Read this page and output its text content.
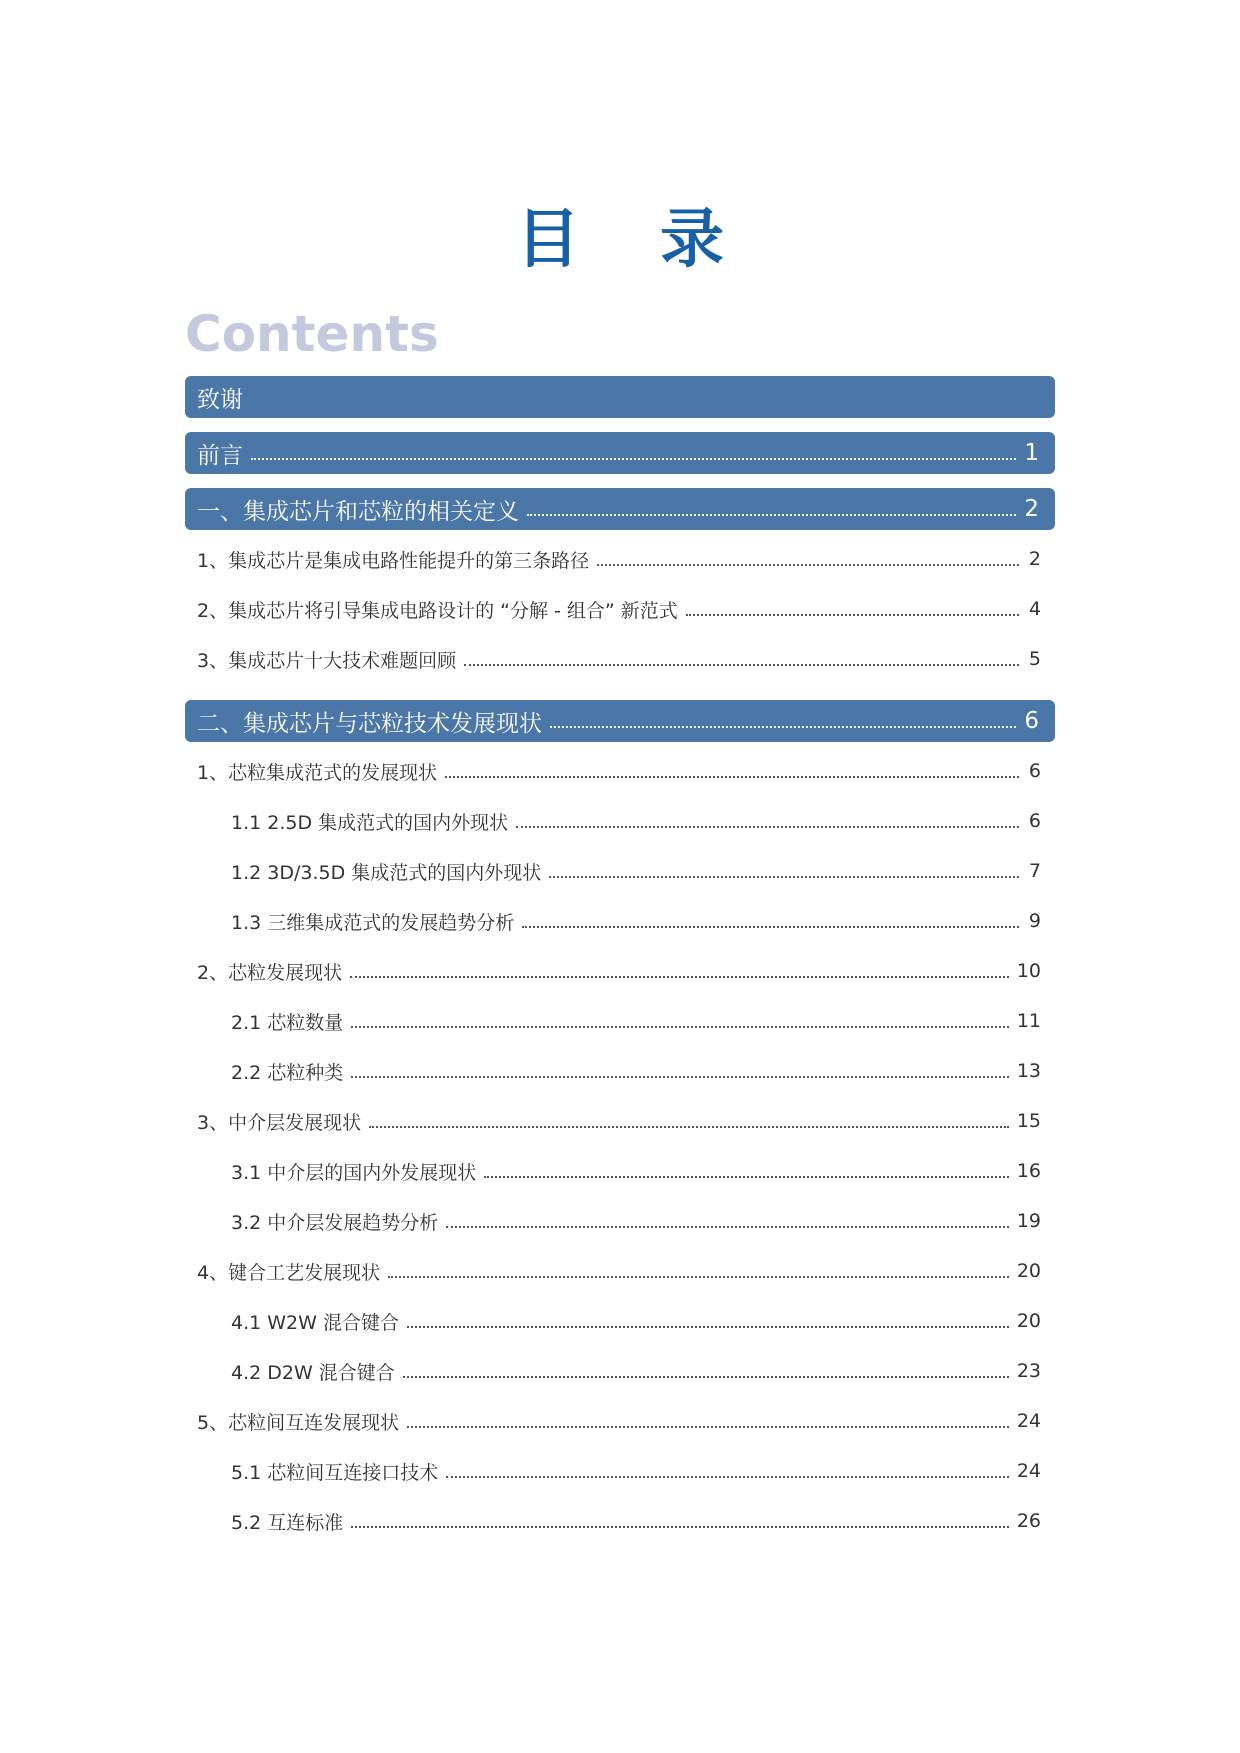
目 录
Contents
致谢
前言	1
一、集成芯片和芯粒的相关定义	2
1、集成芯片是集成电路性能提升的第三条路径	2
2、集成芯片将引导集成电路设计的 “分解 - 组合” 新范式	4
3、集成芯片十大技术难题回顾	5
二、集成芯片与芯粒技术发展现状	6
1、芯粒集成范式的发展现状	6
1.1 2.5D 集成范式的国内外现状	6
1.2 3D/3.5D 集成范式的国内外现状	7
1.3 三维集成范式的发展趋势分析	9
2、芯粒发展现状	10
2.1 芯粒数量	11
2.2 芯粒种类	13
3、中介层发展现状	15
3.1 中介层的国内外发展现状	16
3.2 中介层发展趋势分析	19
4、键合工艺发展现状	20
4.1 W2W 混合键合	20
4.2 D2W 混合键合	23
5、芯粒间互连发展现状	24
5.1 芯粒间互连接口技术	24
5.2 互连标准	26
